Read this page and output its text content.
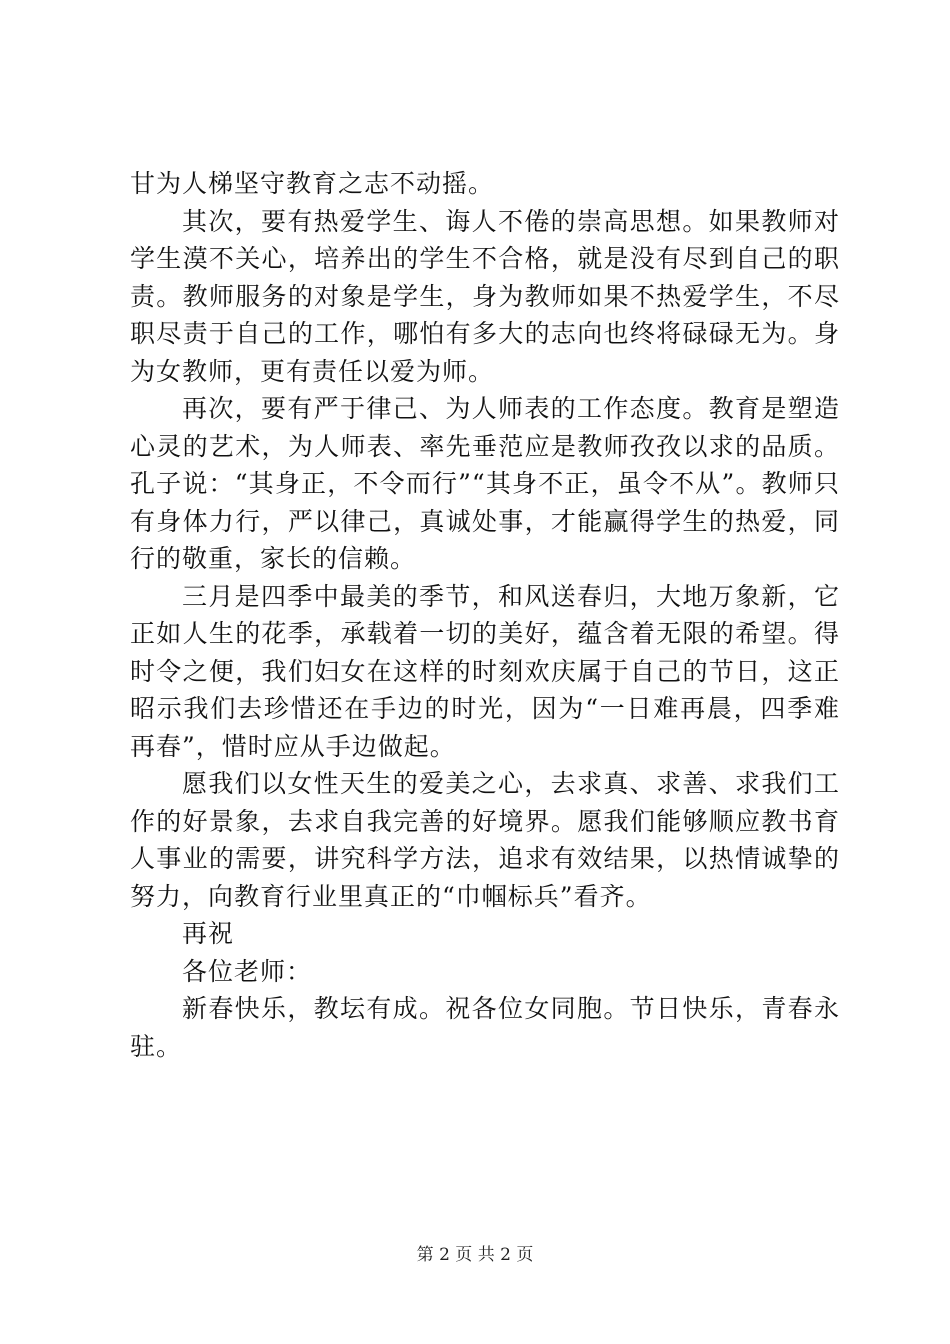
甘为人梯坚守教育之志不动摇。

其次，要有热爱学生、诲人不倦的崇高思想。如果教师对学生漠不关心，培养出的学生不合格，就是没有尽到自己的职责。教师服务的对象是学生，身为教师如果不热爱学生，不尽职尽责于自己的工作，哪怕有多大的志向也终将碌碌无为。身为女教师，更有责任以爱为师。

再次，要有严于律己、为人师表的工作态度。教育是塑造心灵的艺术，为人师表、率先垂范应是教师孜孜以求的品质。孔子说：“其身正，不令而行”“其身不正，虽令不从”。教师只有身体力行，严以律己，真诚处事，才能赢得学生的热爱，同行的敬重，家长的信赖。

三月是四季中最美的季节，和风送春归，大地万象新，它正如人生的花季，承载着一切的美好，蕴含着无限的希望。得时令之便，我们妇女在这样的时刻欢庆属于自己的节日，这正昭示我们去珍惜还在手边的时光，因为“一日难再晨，四季难再春”，惜时应从手边做起。

愿我们以女性天生的爱美之心，去求真、求善、求我们工作的好景象，去求自我完善的好境界。愿我们能够顺应教书育人事业的需要，讲究科学方法，追求有效结果，以热情诚挚的努力，向教育行业里真正的“巾帼标兵”看齐。

再祝

各位老师：

新春快乐，教坛有成。祝各位女同胞。节日快乐，青春永驻。

第 2 页 共 2 页
